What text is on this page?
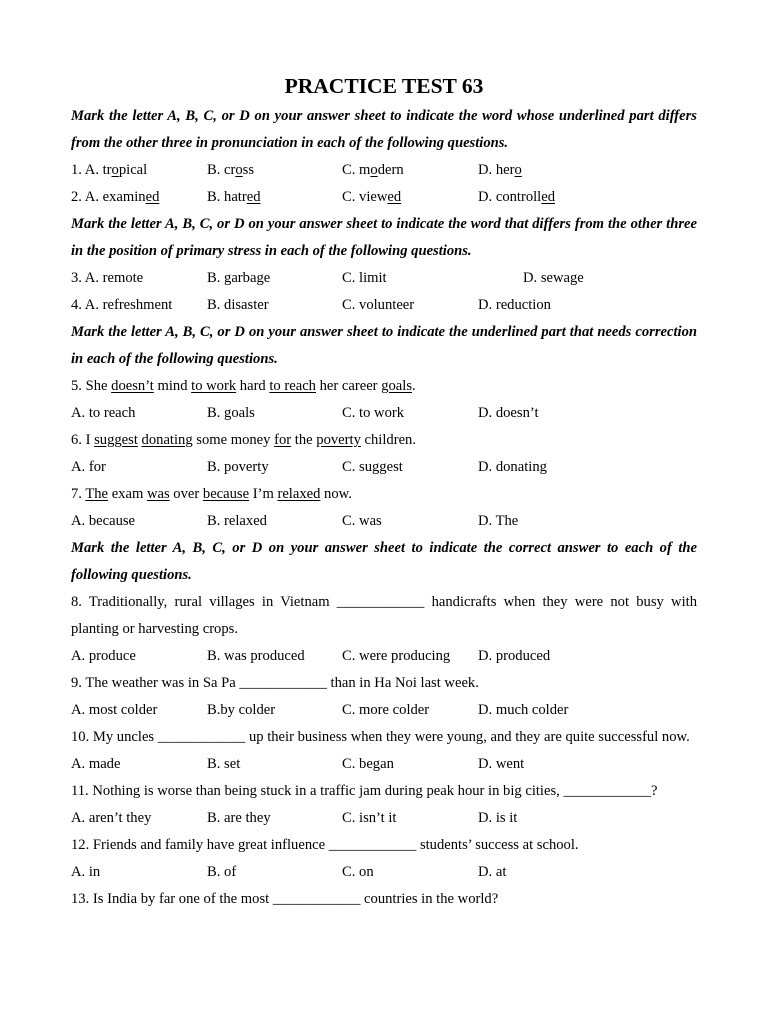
PRACTICE TEST 63

Mark the letter A, B, C, or D on your answer sheet to indicate the word whose underlined part differs from the other three in pronunciation in each of the following questions.

1. A. tropical	B. cross	C. modern	D. hero
2. A. examined	B. hatred	C. viewed	D. controlled

Mark the letter A, B, C, or D on your answer sheet to indicate the word that differs from the other three in the position of primary stress in each of the following questions.

3. A. remote	B. garbage	C. limit	D. sewage
4. A. refreshment B. disaster	C. volunteer	D. reduction

Mark the letter A, B, C, or D on your answer sheet to indicate the underlined part that needs correction in each of the following questions.

5. She doesn’t mind to work hard to reach her career goals.

A. to reach	B. goals	C. to work	D. doesn’t

6. I suggest donating some money for the poverty children.

A. for	B. poverty	C. suggest	D. donating

7. The exam was over because I’m relaxed now.

A. because	B. relaxed	C. was	D. The

Mark the letter A, B, C, or D on your answer sheet to indicate the correct answer to each of the following questions.

8. Traditionally, rural villages in Vietnam ____________ handicrafts when they were not busy with planting or harvesting crops.

A. produce	B. was produced	C. were producing D. produced

9. The weather was in Sa Pa ____________ than in Ha Noi last week.

A. most colder	B.by colder	C. more colder	D. much colder

10. My uncles ____________ up their business when they were young, and they are quite successful now.

A. made	B. set	C. began	D. went

11. Nothing is worse than being stuck in a traffic jam during peak hour in big cities, ____________?

A. aren’t they	B. are they	C. isn’t it	D. is it

12. Friends and family have great influence ____________ students’ success at school.

A. in	B. of	C. on	D. at

13. Is India by far one of the most ____________ countries in the world?
